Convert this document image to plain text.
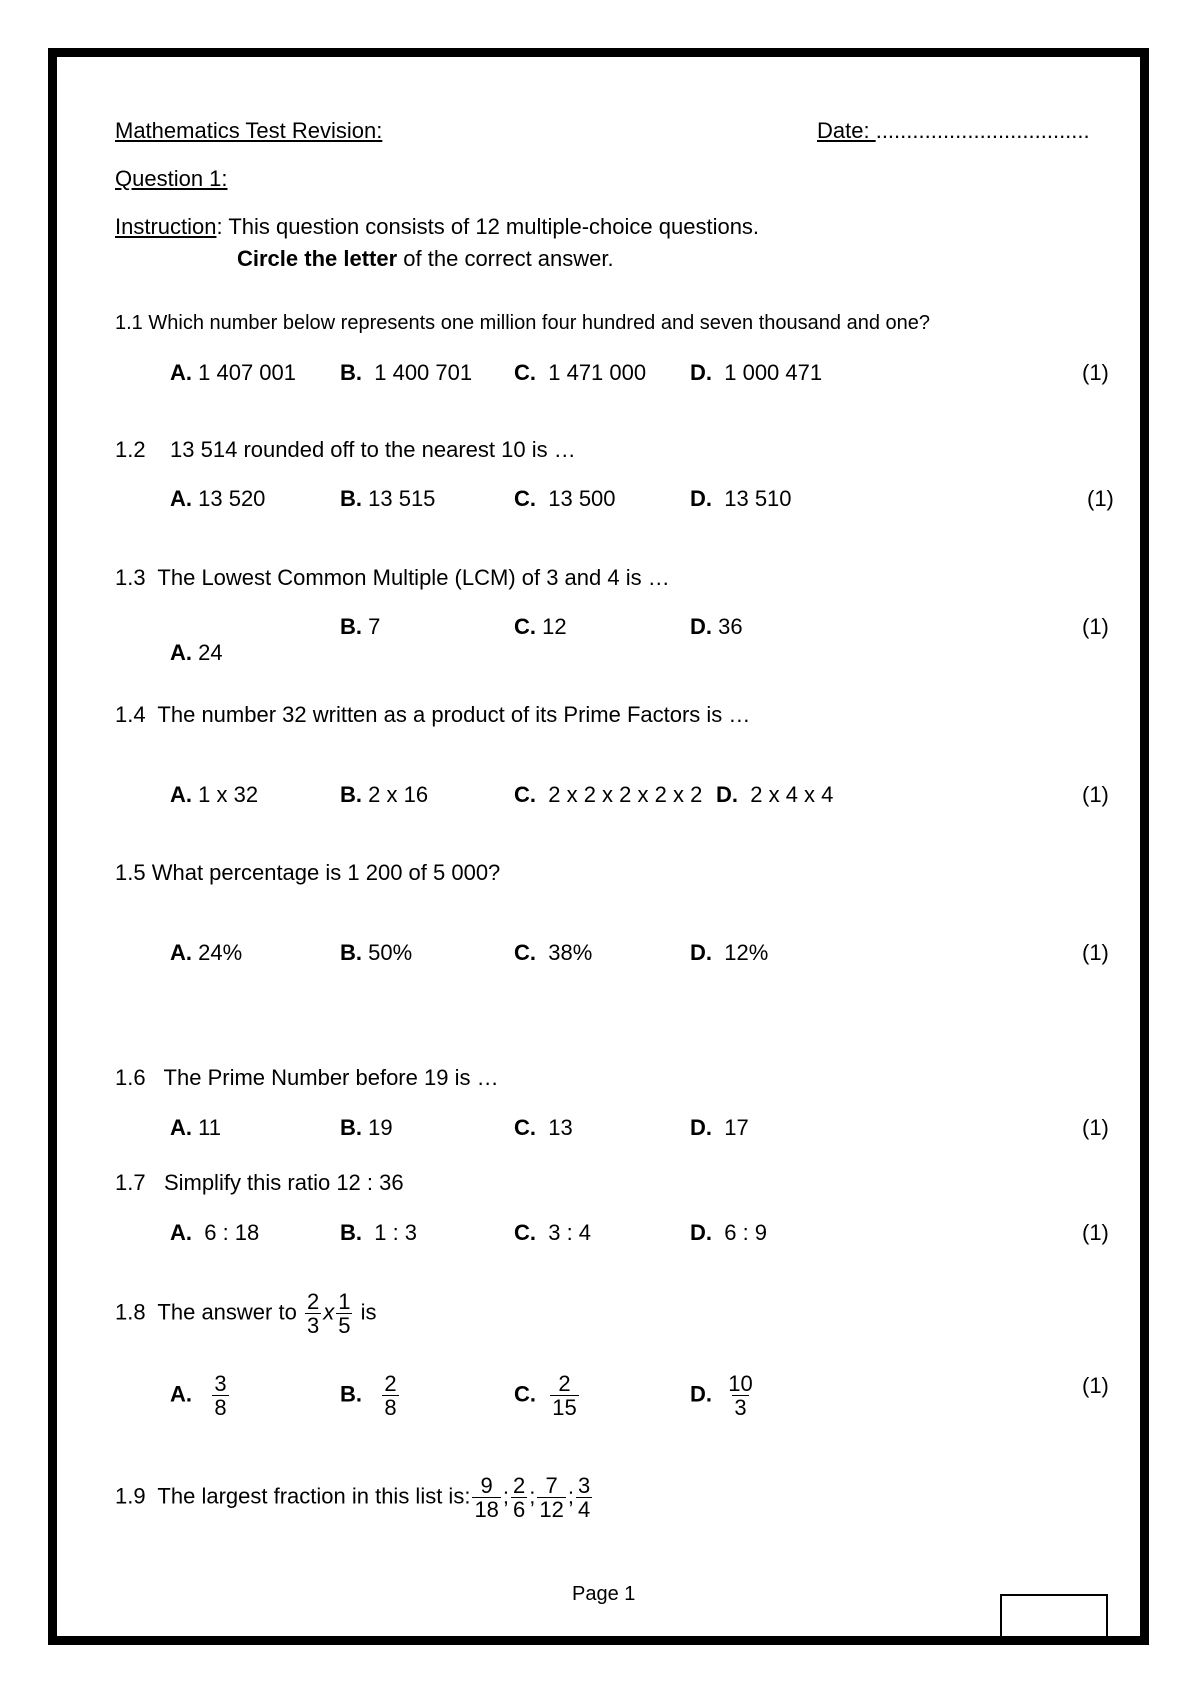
Mathematics Test Revision:	Date: ...................................
Question 1:
Instruction: This question consists of 12 multiple-choice questions.
Circle the letter of the correct answer.
1.1 Which number below represents one million four hundred and seven thousand and one?
A. 1 407 001 B. 1 400 701 C. 1 471 000 D. 1 000 471	(1)
1.2 13 514 rounded off to the nearest 10 is …
A. 13 520	B. 13 515	C. 13 500	D. 13 510	(1)
1.3 The Lowest Common Multiple (LCM) of 3 and 4 is …
A. 24
B. 7	C. 12	D. 36	(1)
1.4 The number 32 written as a product of its Prime Factors is …
A. 1 x 32	B. 2 x 16	C. 2 x 2 x 2 x 2 x 2 D. 2 x 4 x 4	(1)
1.5 What percentage is 1 200 of 5 000?
A. 24%	B. 50%	C. 38%	D. 12%	(1)
1.6 The Prime Number before 19 is …
A. 11	B. 19	C. 13	D. 17	(1)
1.7 Simplify this ratio 12 : 36
A. 6 : 18	B. 1 : 3	C. 3 : 4	D. 6 : 9	(1)
1.8 The answer to $\frac{2}{3}$ x $\frac{1}{5}$ is
A. $\frac{3}{8}$	B. $\frac{2}{8}$	C. $\frac{2}{15}$	D. $\frac{10}{3}$	(1)
1.9 The largest fraction in this list is: $\frac{9}{18}$ ; $\frac{2}{6}$ ; $\frac{7}{12}$ ; $\frac{3}{4}$
Page 1
